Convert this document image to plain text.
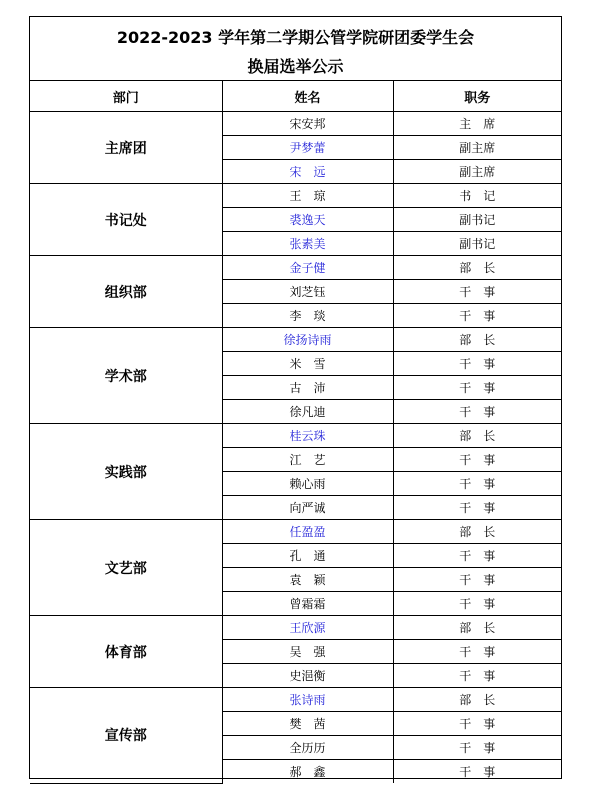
2022-2023 学年第二学期公管学院研团委学生会
换届选举公示
部门	姓名	职务
主席团	宋安邦	主　席
	尹梦蕾	副主席
	宋　远	副主席
书记处	王　琼	书　记
	裘逸天	副书记
	张素美	副书记
组织部	金子健	部　长
	刘芝钰	干　事
	李　琰	干　事
学术部	徐扬诗雨	部　长
	米　雪	干　事
	古　沛	干　事
	徐凡迪	干　事
实践部	桂云珠	部　长
	江　艺	干　事
	赖心雨	干　事
	向严诚	干　事
文艺部	任盈盈	部　长
	孔　通	干　事
	袁　颖	干　事
	曾霜霜	干　事
体育部	王欣源	部　长
	吴　强	干　事
	史浥衡	干　事
宣传部	张诗雨	部　长
	樊　茜	干　事
	全历历	干　事
	郝　鑫	干　事
